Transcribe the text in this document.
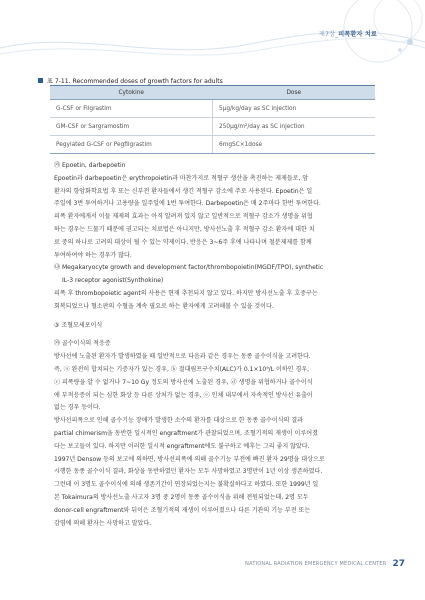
제7장_피폭환자 치료
표 7-11. Recommended doses of growth factors for adults
Cytokine	Dose
G-CSF or Filgrastim	5μg/kg/day as SC injection
GM-CSF or Sargramostim	250μg/m²/day as SC injection
Pegylated G-CSF or Pegfilgrastim	6mgSC×1dose

㉮ Epoetin, darbepoetin

Epoetin과 darbepoetin은 erythropoietin과 마찬가지로 적혈구 생산을 촉진하는 제제들로, 암

환자의 항암화학요법 후 또는 신부전 환자들에서 생긴 적혈구 감소에 주로 사용된다. Epoetin은 일

주일에 3번 투여하거나 고용량을 일주일에 1번 투여한다. Darbepoetin은 매 2주마다 한번 투여한다.

피폭 환자에게서 이들 제제의 효과는 아직 알려져 있지 않고 일반적으로 적혈구 감소가 생명을 위협

하는 경우는 드물기 때문에 권고되는 치료법은 아니지만, 방사선노출 후 적혈구 감소 환자에 대한 치

료 중의 하나로 고려의 대상이 될 수 있는 약제이다. 반응은 3~6주 후에 나타나며 철분제제를 함께

투여하여야 하는 경우가 많다.

㉯ Megakaryocyte growth and development factor/thrombopoietin(MGDF/TPO), synthetic

IL-3 receptor agonist(Synthokine)

피폭 후 thrombopoietic agent의 사용은 현재 추천되지 않고 있다. 하지만 방사선노출 후 호중구는

회복되었으나 혈소판의 수혈을 계속 필요로 하는 환자에게 고려해볼 수 있을 것이다.

③ 조혈모세포이식

㉮ 골수이식의 적응증

방사선에 노출된 환자가 발생하였을 때 일반적으로 다음과 같은 경우는 동종 골수이식을 고려한다.

즉, ⓐ 완전히 합치되는 기증자가 있는 경우, ⓑ 절대림프구수치(ALC)가 0.1×10⁹/L 이하인 경우,

ⓒ 피폭량을 알 수 없거나 7~10 Gy 정도의 방사선에 노출된 경우, ⓓ 생명을 위협하거나 골수이식

에 부적응증이 되는 심한 화상 등 다른 상처가 없는 경우, ⓔ 인체 내부에서 자속적인 방사선 유출이

없는 경우 등이다.

방사선피폭으로 인해 골수기능 장애가 발생한 소수의 환자를 대상으로 한 동종 골수이식의 결과

partial chimerism을 동반한 일시적인 engraftment가 관찰되었으며, 조혈기적의 재생이 이루어졌

다는 보고들이 있다. 하지만 이러한 일시적 engraftment에도 불구하고 예후는 그리 좋지 않았다.

1997년 Densow 등의 보고에 의하면, 방사선피폭에 의해 골수기능 부전에 빠진 환자 29명을 대상으로

시행한 동종 골수이식 결과, 화상을 동반하였던 환자는 모두 사망하였고 3명만이 1년 이상 생존하였다.

그런데 이 3명도 골수이식에 의해 생존기간이 연장되었는지는 불확실하다고 하였다. 또한 1999년 일

본 Tokaimura의 방사선노출 사고자 3명 중 2명이 동종 골수이식을 위해 전원되었는데, 2명 모두

donor-cell engraftment와 뒤이은 조혈기적의 재생이 이루어졌으나 다른 기관의 기능 부전 또는

감염에 의해 환자는 사망하고 말았다.

NATIONAL RADIATION EMERGENCY MEDICAL CENTER 27
